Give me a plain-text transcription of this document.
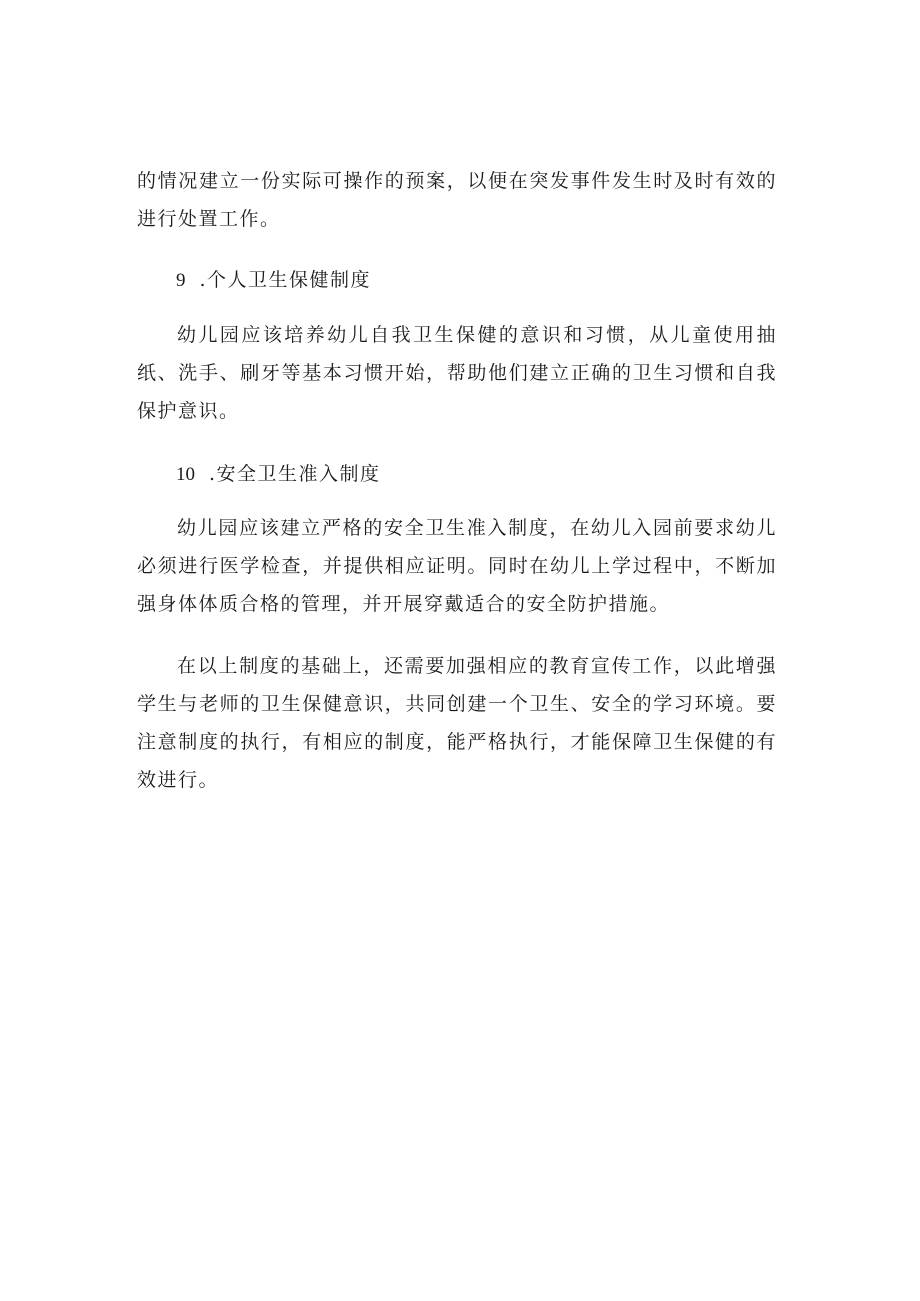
的情况建立一份实际可操作的预案，以便在突发事件发生时及时有效的进行处置工作。

9 .个人卫生保健制度

幼儿园应该培养幼儿自我卫生保健的意识和习惯，从儿童使用抽纸、洗手、刷牙等基本习惯开始，帮助他们建立正确的卫生习惯和自我保护意识。

10 .安全卫生准入制度

幼儿园应该建立严格的安全卫生准入制度，在幼儿入园前要求幼儿必须进行医学检查，并提供相应证明。同时在幼儿上学过程中，不断加强身体体质合格的管理，并开展穿戴适合的安全防护措施。

在以上制度的基础上，还需要加强相应的教育宣传工作，以此增强学生与老师的卫生保健意识，共同创建一个卫生、安全的学习环境。要注意制度的执行，有相应的制度，能严格执行，才能保障卫生保健的有效进行。
